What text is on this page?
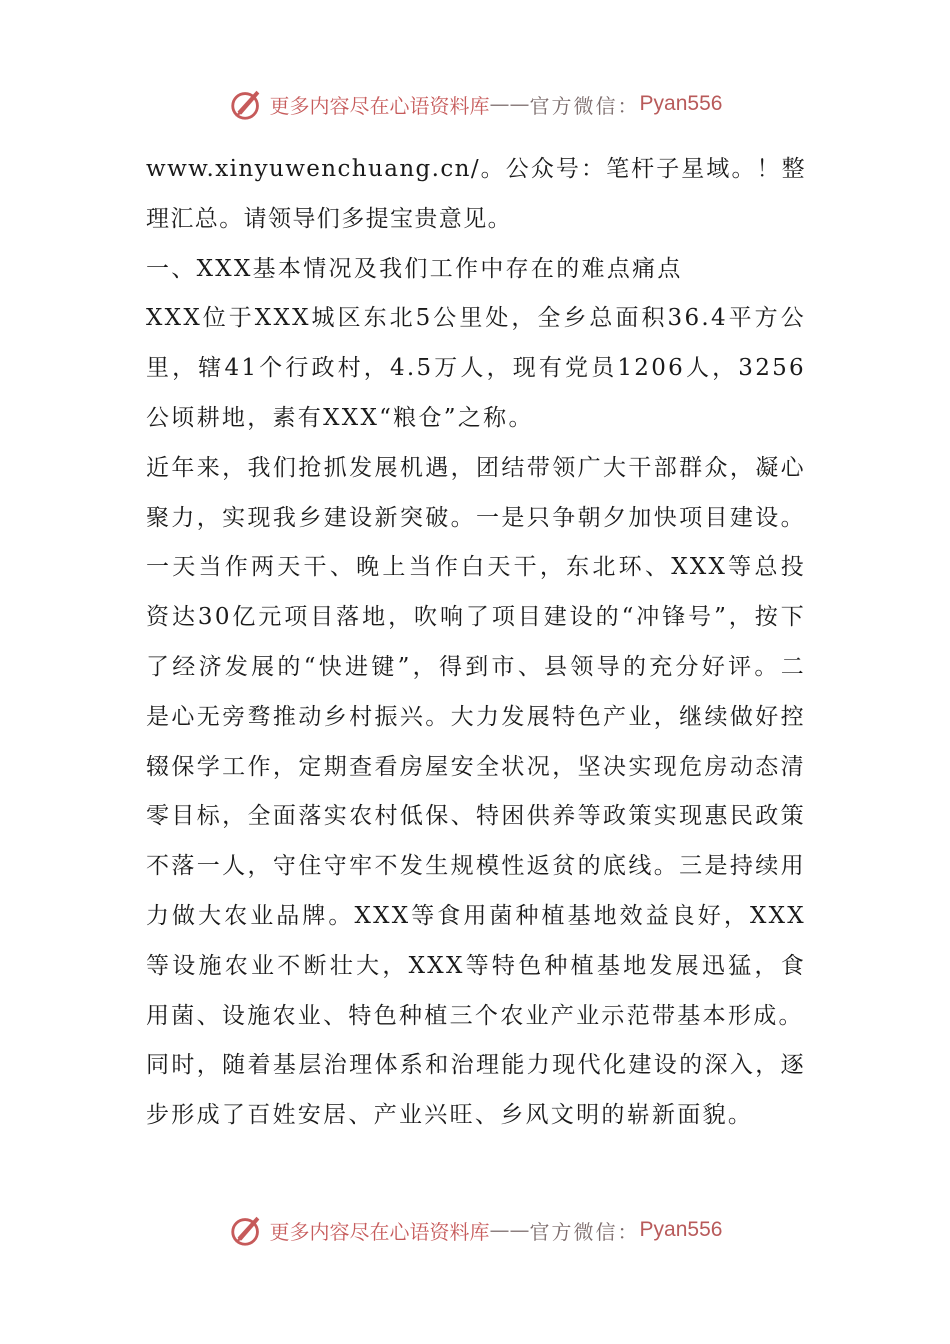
更多内容尽在心语资料库 —— 官方微信： Pyan556

www.xinyuwenchuang.cn/。公众号：笔杆子星域。！整理汇总。请领导们多提宝贵意见。

一、XXX基本情况及我们工作中存在的难点痛点

XXX位于XXX城区东北5公里处，全乡总面积36.4平方公里，辖41个行政村，4.5万人，现有党员1206人，3256公顷耕地，素有XXX“粮仓”之称。

近年来，我们抢抓发展机遇，团结带领广大干部群众，凝心聚力，实现我乡建设新突破。一是只争朝夕加快项目建设。一天当作两天干、晚上当作白天干，东北环、XXX等总投资达30亿元项目落地，吹响了项目建设的“冲锋号”，按下了经济发展的“快进键”，得到市、县领导的充分好评。二是心无旁骛推动乡村振兴。大力发展特色产业，继续做好控辍保学工作，定期查看房屋安全状况，坚决实现危房动态清零目标，全面落实农村低保、特困供养等政策实现惠民政策不落一人，守住守牢不发生规模性返贫的底线。三是持续用力做大农业品牌。XXX等食用菌种植基地效益良好，XXX等设施农业不断壮大，XXX等特色种植基地发展迅猛，食用菌、设施农业、特色种植三个农业产业示范带基本形成。

同时，随着基层治理体系和治理能力现代化建设的深入，逐步形成了百姓安居、产业兴旺、乡风文明的崭新面貌。

更多内容尽在心语资料库 —— 官方微信： Pyan556
